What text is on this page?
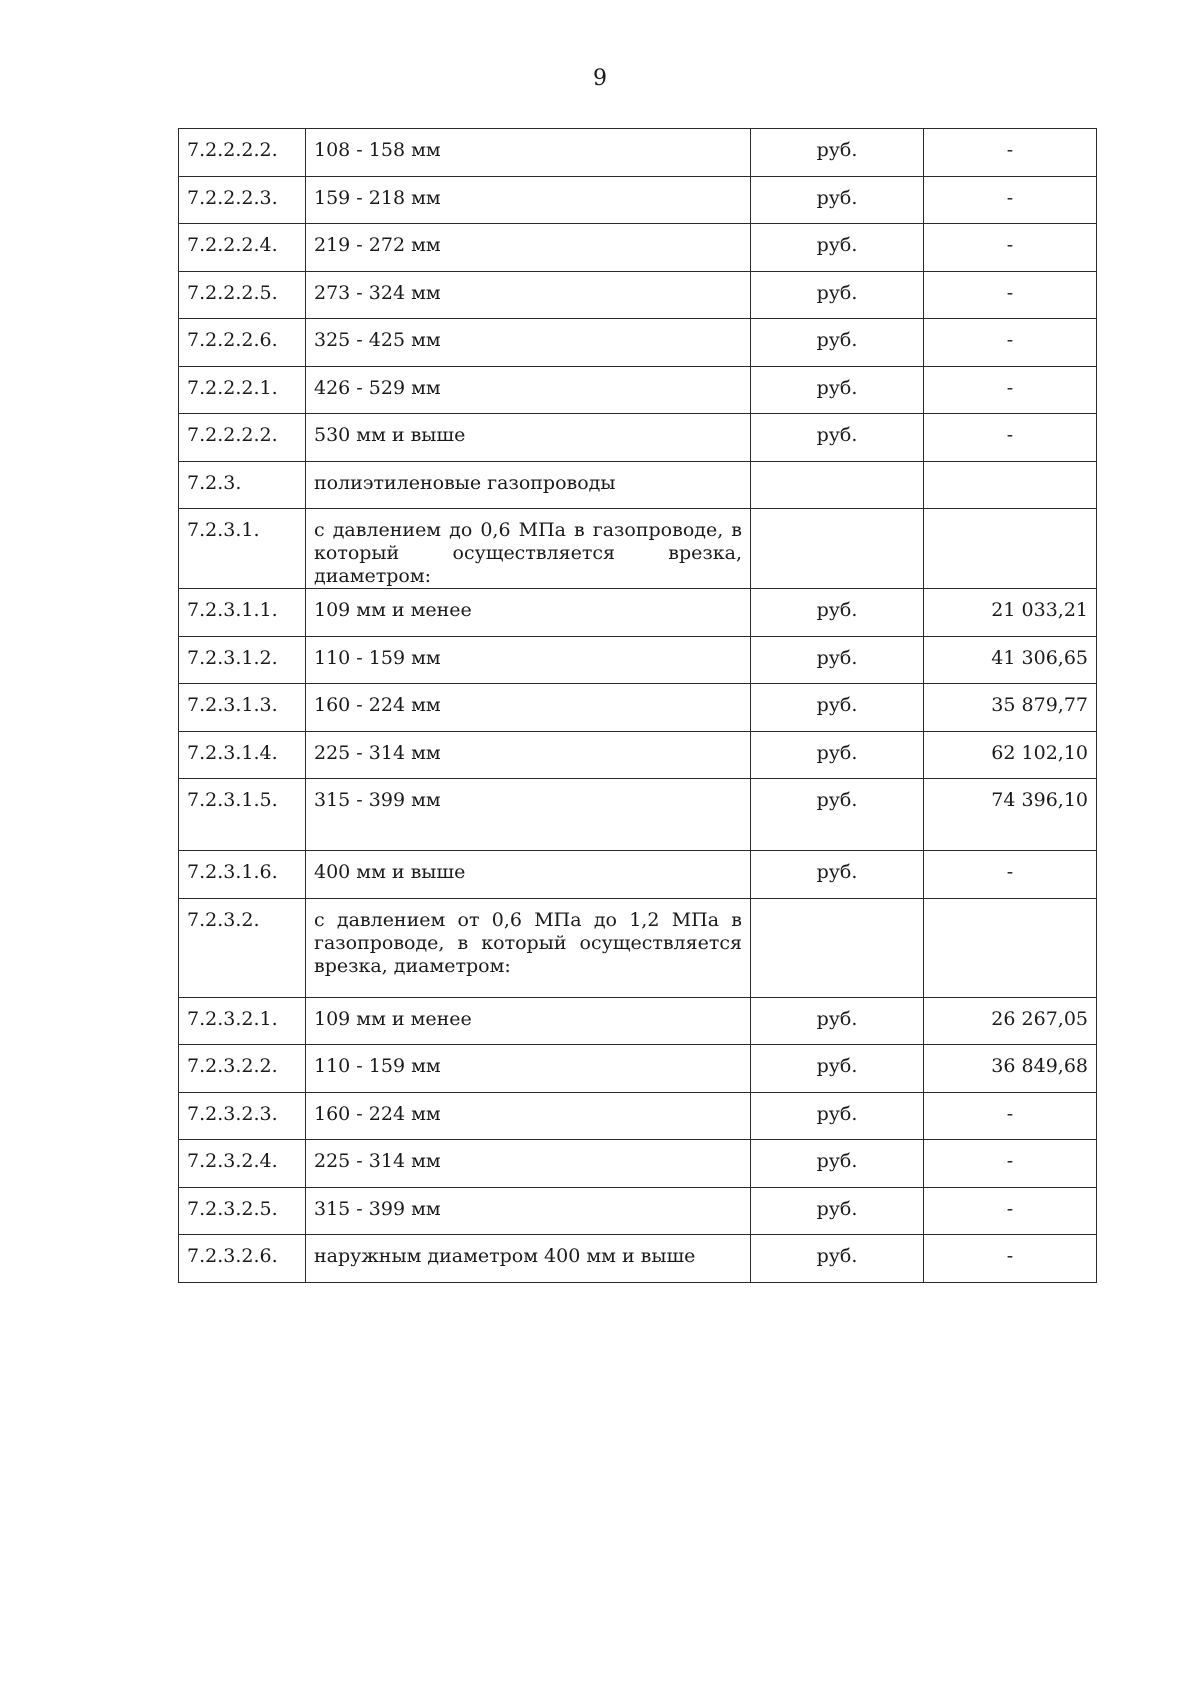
9
7.2.2.2.2.	108 - 158 мм	руб.	-
7.2.2.2.3.	159 - 218 мм	руб.	-
7.2.2.2.4.	219 - 272 мм	руб.	-
7.2.2.2.5.	273 - 324 мм	руб.	-
7.2.2.2.6.	325 - 425 мм	руб.	-
7.2.2.2.1.	426 - 529 мм	руб.	-
7.2.2.2.2.	530 мм и выше	руб.	-
7.2.3.	полиэтиленовые газопроводы		
7.2.3.1.	с давлением до 0,6 МПа в газопроводе, в который осуществляется врезка, диаметром:		
7.2.3.1.1.	109 мм и менее	руб.	21 033,21
7.2.3.1.2.	110 - 159 мм	руб.	41 306,65
7.2.3.1.3.	160 - 224 мм	руб.	35 879,77
7.2.3.1.4.	225 - 314 мм	руб.	62 102,10
7.2.3.1.5.	315 - 399 мм	руб.	74 396,10
7.2.3.1.6.	400 мм и выше	руб.	-
7.2.3.2.	с давлением от 0,6 МПа до 1,2 МПа в газопроводе, в который осуществляется врезка, диаметром:		
7.2.3.2.1.	109 мм и менее	руб.	26 267,05
7.2.3.2.2.	110 - 159 мм	руб.	36 849,68
7.2.3.2.3.	160 - 224 мм	руб.	-
7.2.3.2.4.	225 - 314 мм	руб.	-
7.2.3.2.5.	315 - 399 мм	руб.	-
7.2.3.2.6.	наружным диаметром 400 мм и выше	руб.	-
